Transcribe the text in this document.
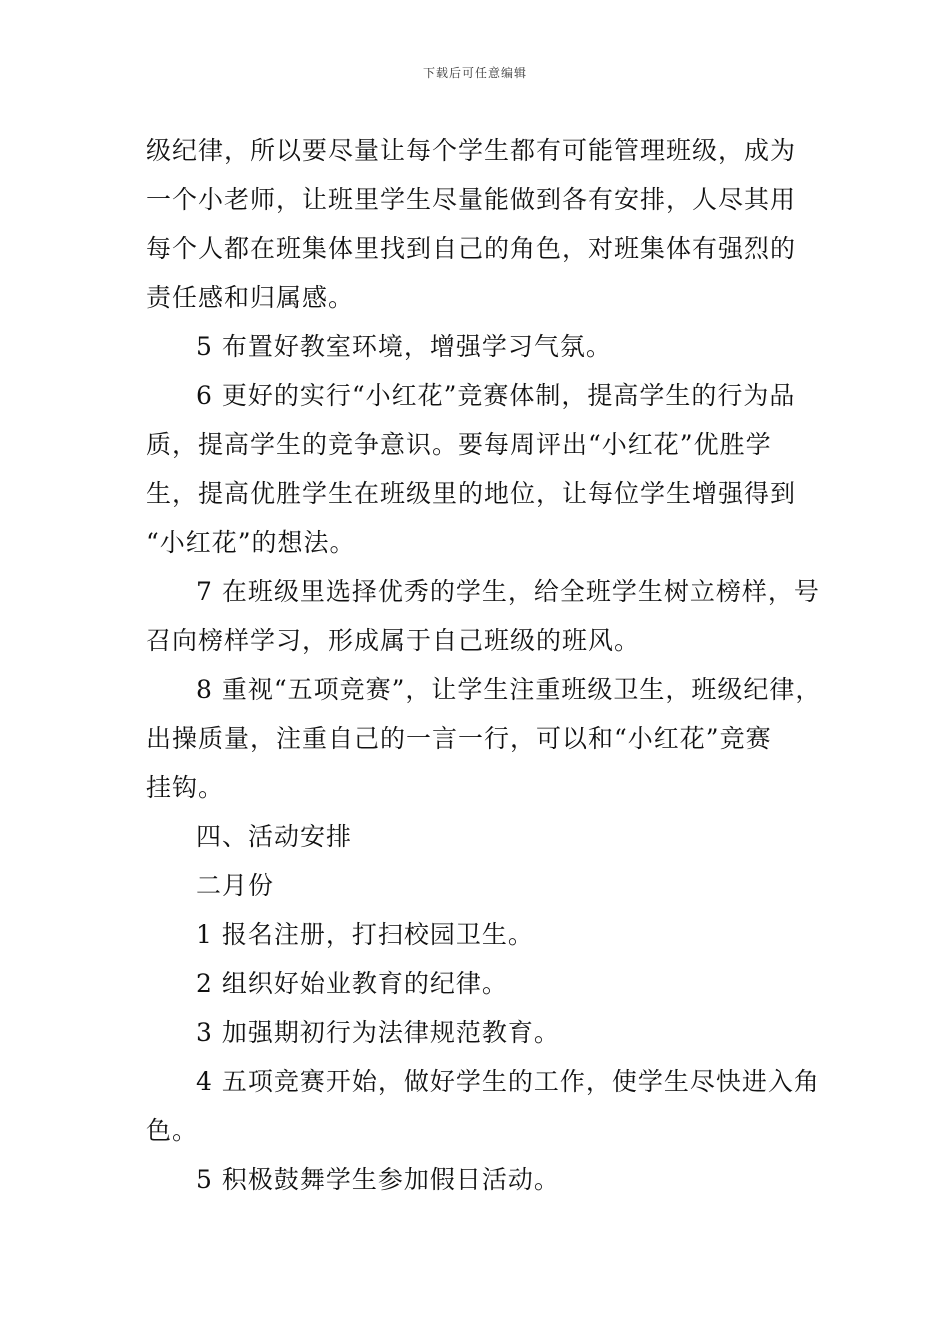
下载后可任意编辑
级纪律，所以要尽量让每个学生都有可能管理班级，成为
一个小老师，让班里学生尽量能做到各有安排，人尽其用
每个人都在班集体里找到自己的角色，对班集体有强烈的
责任感和归属感。
5 布置好教室环境，增强学习气氛。
6 更好的实行“小红花”竞赛体制，提高学生的行为品
质，提高学生的竞争意识。要每周评出“小红花”优胜学
生，提高优胜学生在班级里的地位，让每位学生增强得到
“小红花”的想法。
7 在班级里选择优秀的学生，给全班学生树立榜样，号
召向榜样学习，形成属于自己班级的班风。
8 重视“五项竞赛”，让学生注重班级卫生，班级纪律，
出操质量，注重自己的一言一行，可以和“小红花”竞赛
挂钩。
四、活动安排
二月份
1 报名注册，打扫校园卫生。
2 组织好始业教育的纪律。
3 加强期初行为法律规范教育。
4 五项竞赛开始，做好学生的工作，使学生尽快进入角
色。
5 积极鼓舞学生参加假日活动。
